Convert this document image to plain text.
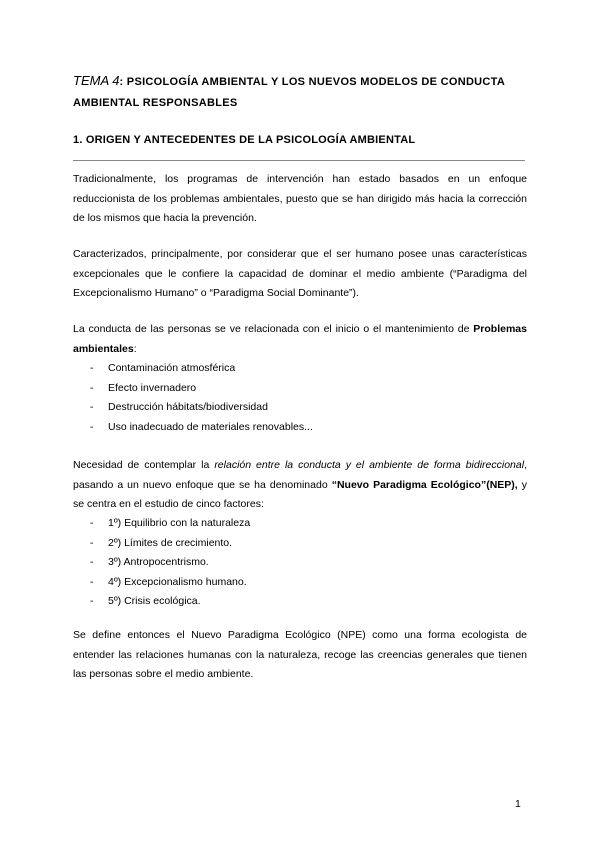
TEMA 4: PSICOLOGÍA AMBIENTAL Y LOS NUEVOS MODELOS DE CONDUCTA AMBIENTAL RESPONSABLES
1. ORIGEN Y ANTECEDENTES DE LA PSICOLOGÍA AMBIENTAL
Tradicionalmente, los programas de intervención han estado basados en un enfoque reduccionista de los problemas ambientales, puesto que se han dirigido más hacia la corrección de los mismos que hacia la prevención.
Caracterizados, principalmente, por considerar que el ser humano posee unas características excepcionales que le confiere la capacidad de dominar el medio ambiente (“Paradigma del Excepcionalismo Humano” o “Paradigma Social Dominante”).
La conducta de las personas se ve relacionada con el inicio o el mantenimiento de Problemas ambientales:
- Contaminación atmosférica
- Efecto invernadero
- Destrucción hábitats/biodiversidad
- Uso inadecuado de materiales renovables...
Necesidad de contemplar la relación entre la conducta y el ambiente de forma bidireccional, pasando a un nuevo enfoque que se ha denominado “Nuevo Paradigma Ecológico”(NEP), y se centra en el estudio de cinco factores:
- 1º) Equilibrio con la naturaleza
- 2º) Límites de crecimiento.
- 3º) Antropocentrismo.
- 4º) Excepcionalismo humano.
- 5º) Crisis ecológica.
Se define entonces el Nuevo Paradigma Ecológico (NPE) como una forma ecologista de entender las relaciones humanas con la naturaleza, recoge las creencias generales que tienen las personas sobre el medio ambiente.
1
